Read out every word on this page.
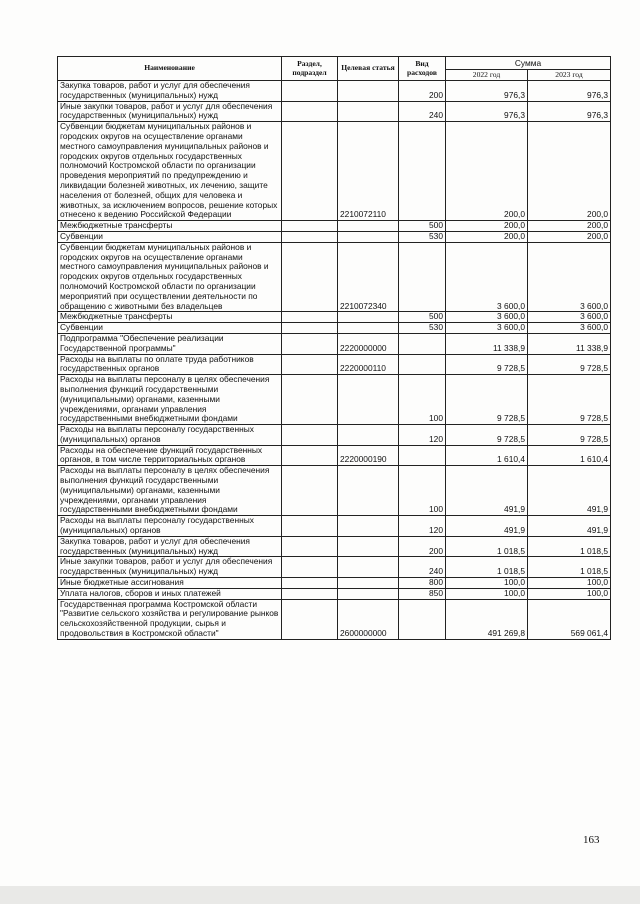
Наименование	Раздел, подраздел	Целевая статья	Вид расходов	Сумма	
				2022 год	2023 год
Закупка товаров, работ и услуг для обеспечения государственных (муниципальных) нужд			200	976,3	976,3
Иные закупки товаров, работ и услуг для обеспечения государственных (муниципальных) нужд			240	976,3	976,3
Субвенции бюджетам муниципальных районов и городских округов на осуществление органами местного самоуправления муниципальных районов и городских округов отдельных государственных полномочий Костромской области по организации проведения мероприятий по предупреждению и ликвидации болезней животных, их лечению, защите населения от болезней, общих для человека и животных, за исключением вопросов, решение которых отнесено к ведению Российской Федерации		2210072110		200,0	200,0
Межбюджетные трансферты			500	200,0	200,0
Субвенции			530	200,0	200,0
Субвенции бюджетам муниципальных районов и городских округов на осуществление органами местного самоуправления муниципальных районов и городских округов отдельных государственных полномочий Костромской области по организации мероприятий при осуществлении деятельности по обращению с животными без владельцев		2210072340		3 600,0	3 600,0
Межбюджетные трансферты			500	3 600,0	3 600,0
Субвенции			530	3 600,0	3 600,0
Подпрограмма "Обеспечение реализации Государственной программы"		2220000000		11 338,9	11 338,9
Расходы на выплаты по оплате труда работников государственных органов		2220000110		9 728,5	9 728,5
Расходы на выплаты персоналу в целях обеспечения выполнения функций государственными (муниципальными) органами, казенными учреждениями, органами управления государственными внебюджетными фондами			100	9 728,5	9 728,5
Расходы на выплаты персоналу государственных (муниципальных) органов			120	9 728,5	9 728,5
Расходы на обеспечение функций государственных органов, в том числе территориальных органов		2220000190		1 610,4	1 610,4
Расходы на выплаты персоналу в целях обеспечения выполнения функций государственными (муниципальными) органами, казенными учреждениями, органами управления государственными внебюджетными фондами			100	491,9	491,9
Расходы на выплаты персоналу государственных (муниципальных) органов			120	491,9	491,9
Закупка товаров, работ и услуг для обеспечения государственных (муниципальных) нужд			200	1 018,5	1 018,5
Иные закупки товаров, работ и услуг для обеспечения государственных (муниципальных) нужд			240	1 018,5	1 018,5
Иные бюджетные ассигнования			800	100,0	100,0
Уплата налогов, сборов и иных платежей			850	100,0	100,0
Государственная программа Костромской области "Развитие сельского хозяйства и регулирование рынков сельскохозяйственной продукции, сырья и продовольствия в Костромской области"		2600000000		491 269,8	569 061,4
163
